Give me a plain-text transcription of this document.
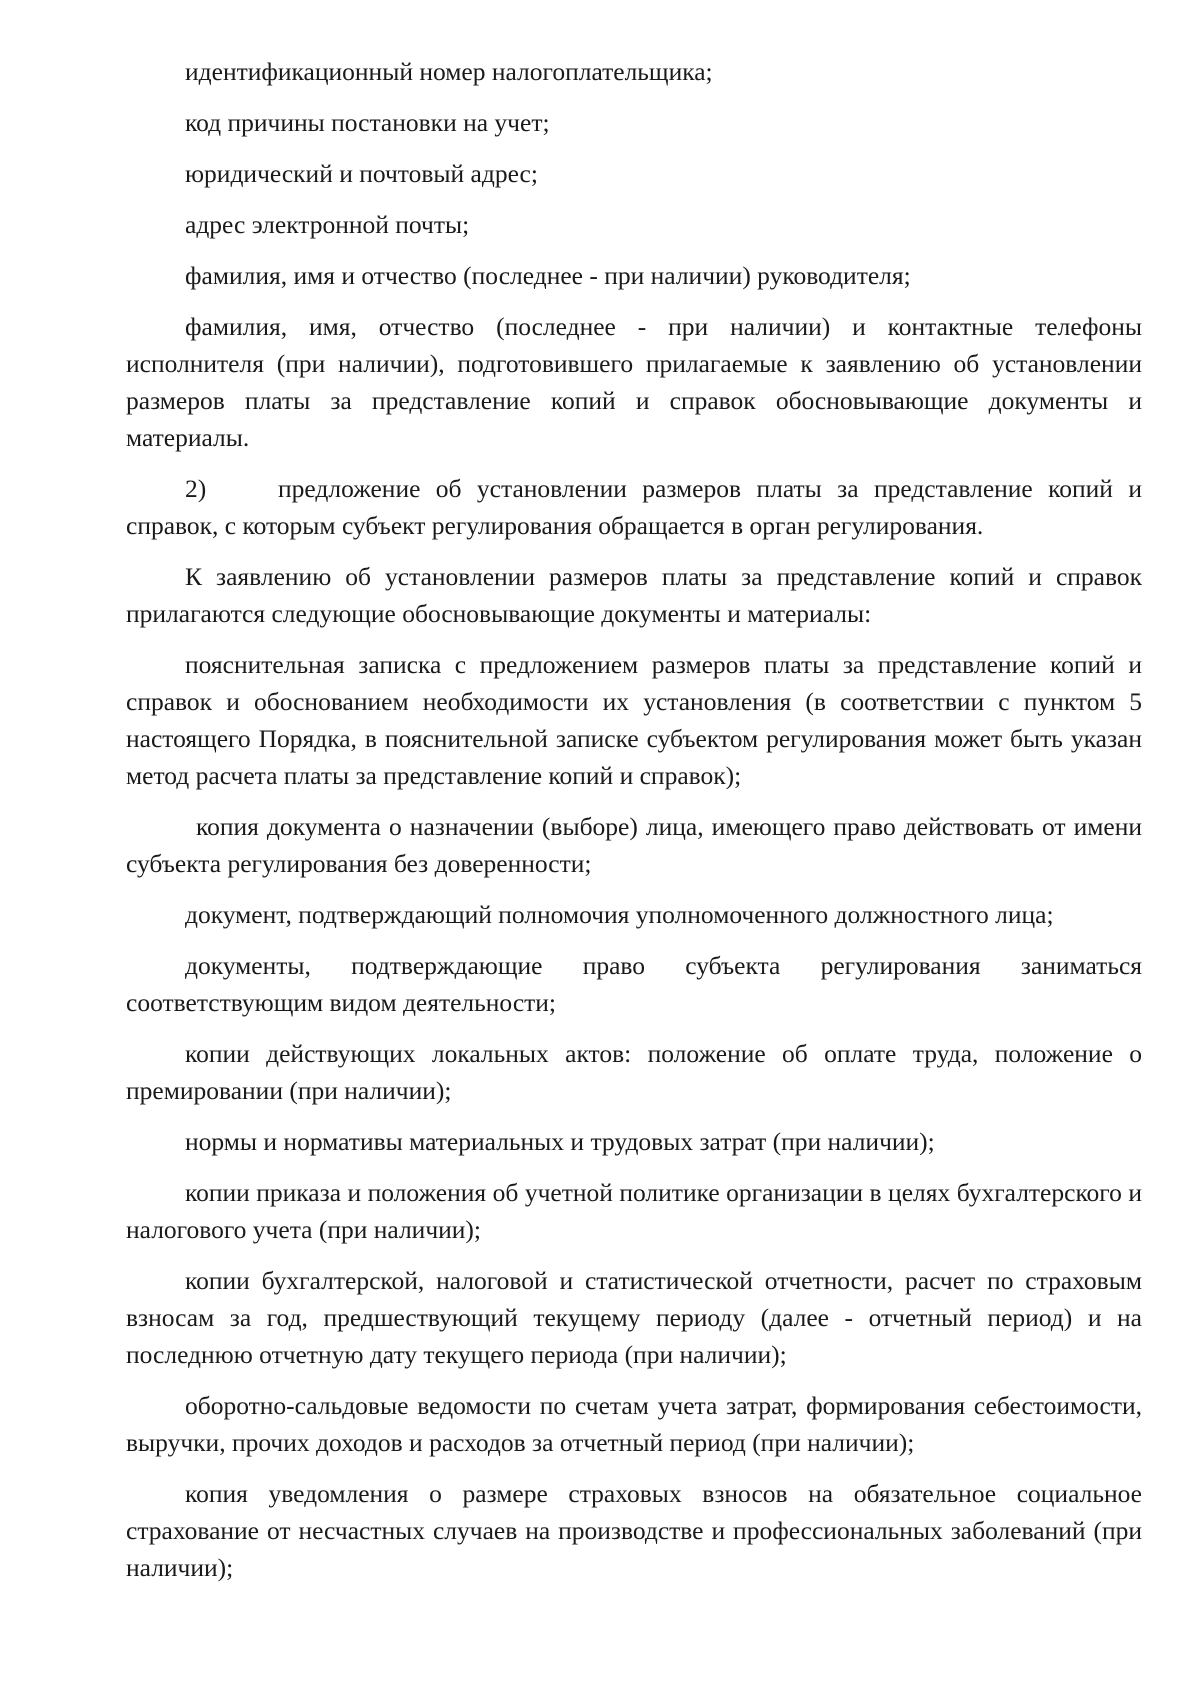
идентификационный номер налогоплательщика;

код причины постановки на учет;

юридический и почтовый адрес;

адрес электронной почты;

фамилия, имя и отчество (последнее - при наличии) руководителя;

фамилия, имя, отчество (последнее - при наличии) и контактные телефоны исполнителя (при наличии), подготовившего прилагаемые к заявлению об установлении размеров платы за представление копий и справок обосновывающие документы и материалы.

2)	предложение об установлении размеров платы за представление копий и справок, с которым субъект регулирования обращается в орган регулирования.

К заявлению об установлении размеров платы за представление копий и справок прилагаются следующие обосновывающие документы и материалы:

пояснительная записка с предложением размеров платы за представление копий и справок и обоснованием необходимости их установления (в соответствии с пунктом 5 настоящего Порядка, в пояснительной записке субъектом регулирования может быть указан метод расчета платы за представление копий и справок);

копия документа о назначении (выборе) лица, имеющего право действовать от имени субъекта регулирования без доверенности;

документ, подтверждающий полномочия уполномоченного должностного лица;

документы, подтверждающие право субъекта регулирования заниматься соответствующим видом деятельности;

копии действующих локальных актов: положение об оплате труда, положение о премировании (при наличии);

нормы и нормативы материальных и трудовых затрат (при наличии);

копии приказа и положения об учетной политике организации в целях бухгалтерского и налогового учета (при наличии);

копии бухгалтерской, налоговой и статистической отчетности, расчет по страховым взносам за год, предшествующий текущему периоду (далее - отчетный период) и на последнюю отчетную дату текущего периода (при наличии);

оборотно-сальдовые ведомости по счетам учета затрат, формирования себестоимости, выручки, прочих доходов и расходов за отчетный период (при наличии);

копия уведомления о размере страховых взносов на обязательное социальное страхование от несчастных случаев на производстве и профессиональных заболеваний (при наличии);
